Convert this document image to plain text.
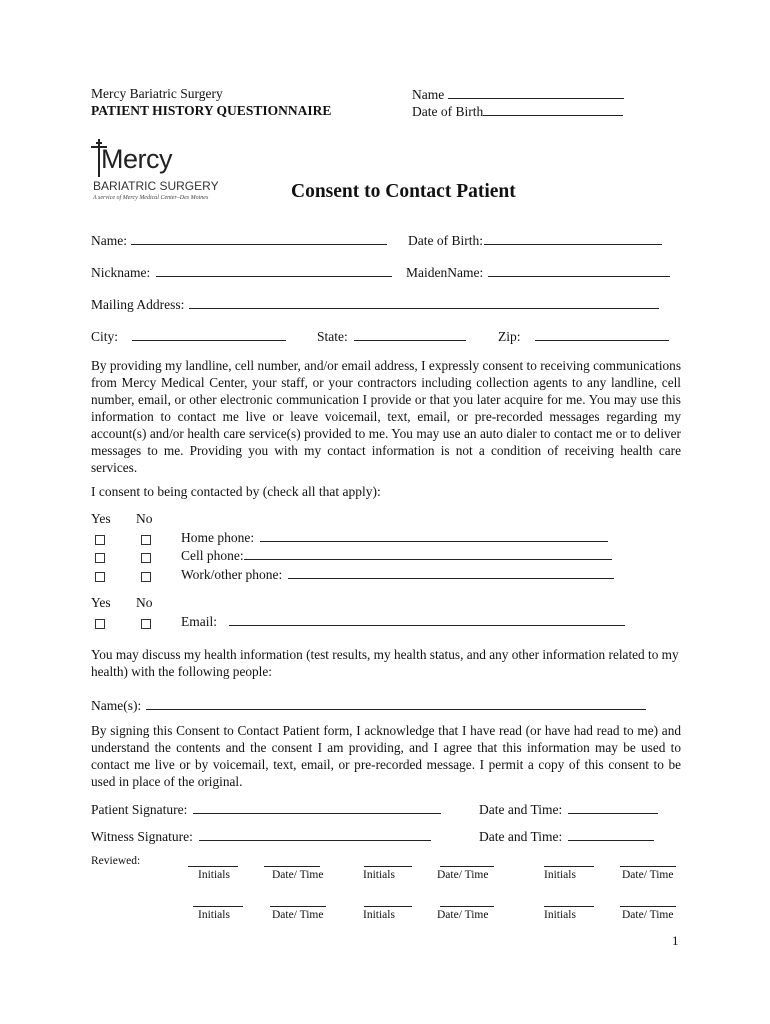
Mercy Bariatric Surgery
PATIENT HISTORY QUESTIONNAIRE
Name
Date of Birth
Mercy
BARIATRIC SURGERY
A service of Mercy Medical Center–Des Moines	Consent to Contact Patient
Name:	Date of Birth:
Nickname:	MaidenName:
Mailing Address:
City:	State:	Zip:
By providing my landline, cell number, and/or email address, I expressly consent to receiving communications from Mercy Medical Center, your staff, or your contractors including collection agents to any landline, cell number, email, or other electronic communication I provide or that you later acquire for me. You may use this information to contact me live or leave voicemail, text, email, or pre-recorded messages regarding my account(s) and/or health care service(s) provided to me. You may use an auto dialer to contact me or to deliver messages to me. Providing you with my contact information is not a condition of receiving health care services.
I consent to being contacted by (check all that apply):
Yes No
Home phone:
Cell phone:
Work/other phone:
Yes No
Email:
You may discuss my health information (test results, my health status, and any other information related to my health) with the following people:
Name(s):
By signing this Consent to Contact Patient form, I acknowledge that I have read (or have had read to me) and understand the contents and the consent I am providing, and I agree that this information may be used to contact me live or by voicemail, text, email, or pre-recorded message. I permit a copy of this consent to be used in place of the original.
Patient Signature:	Date and Time:
Witness Signature:	Date and Time:
Reviewed:
Initials	Date/ Time	Initials	Date/ Time	Initials	Date/ Time
Initials	Date/ Time	Initials	Date/ Time	Initials	Date/ Time
1
